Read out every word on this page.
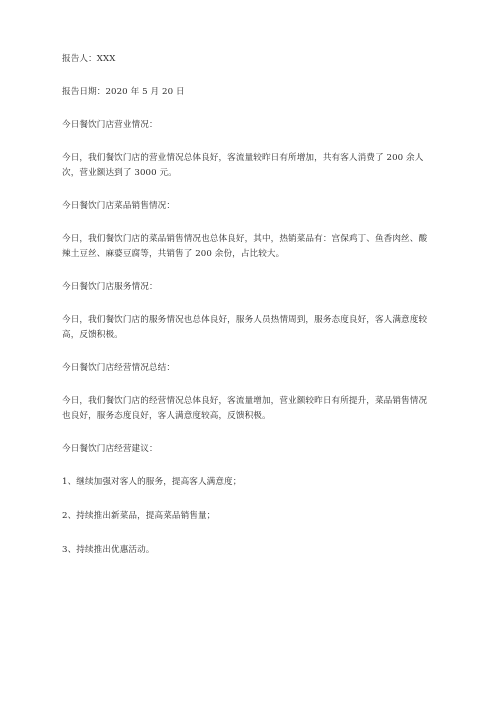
报告人：XXX

报告日期：2020 年 5 月 20 日

今日餐饮门店营业情况：

今日，我们餐饮门店的营业情况总体良好，客流量较昨日有所增加，共有客人消费了 200 余人次，营业额达到了 3000 元。

今日餐饮门店菜品销售情况：

今日，我们餐饮门店的菜品销售情况也总体良好，其中，热销菜品有：宫保鸡丁、鱼香肉丝、酸辣土豆丝、麻婆豆腐等，共销售了 200 余份，占比较大。

今日餐饮门店服务情况：

今日，我们餐饮门店的服务情况也总体良好，服务人员热情周到，服务态度良好，客人满意度较高，反馈积极。

今日餐饮门店经营情况总结：

今日，我们餐饮门店的经营情况总体良好，客流量增加，营业额较昨日有所提升，菜品销售情况也良好，服务态度良好，客人满意度较高，反馈积极。

今日餐饮门店经营建议：

1、继续加强对客人的服务，提高客人满意度；

2、持续推出新菜品，提高菜品销售量；

3、持续推出优惠活动。
